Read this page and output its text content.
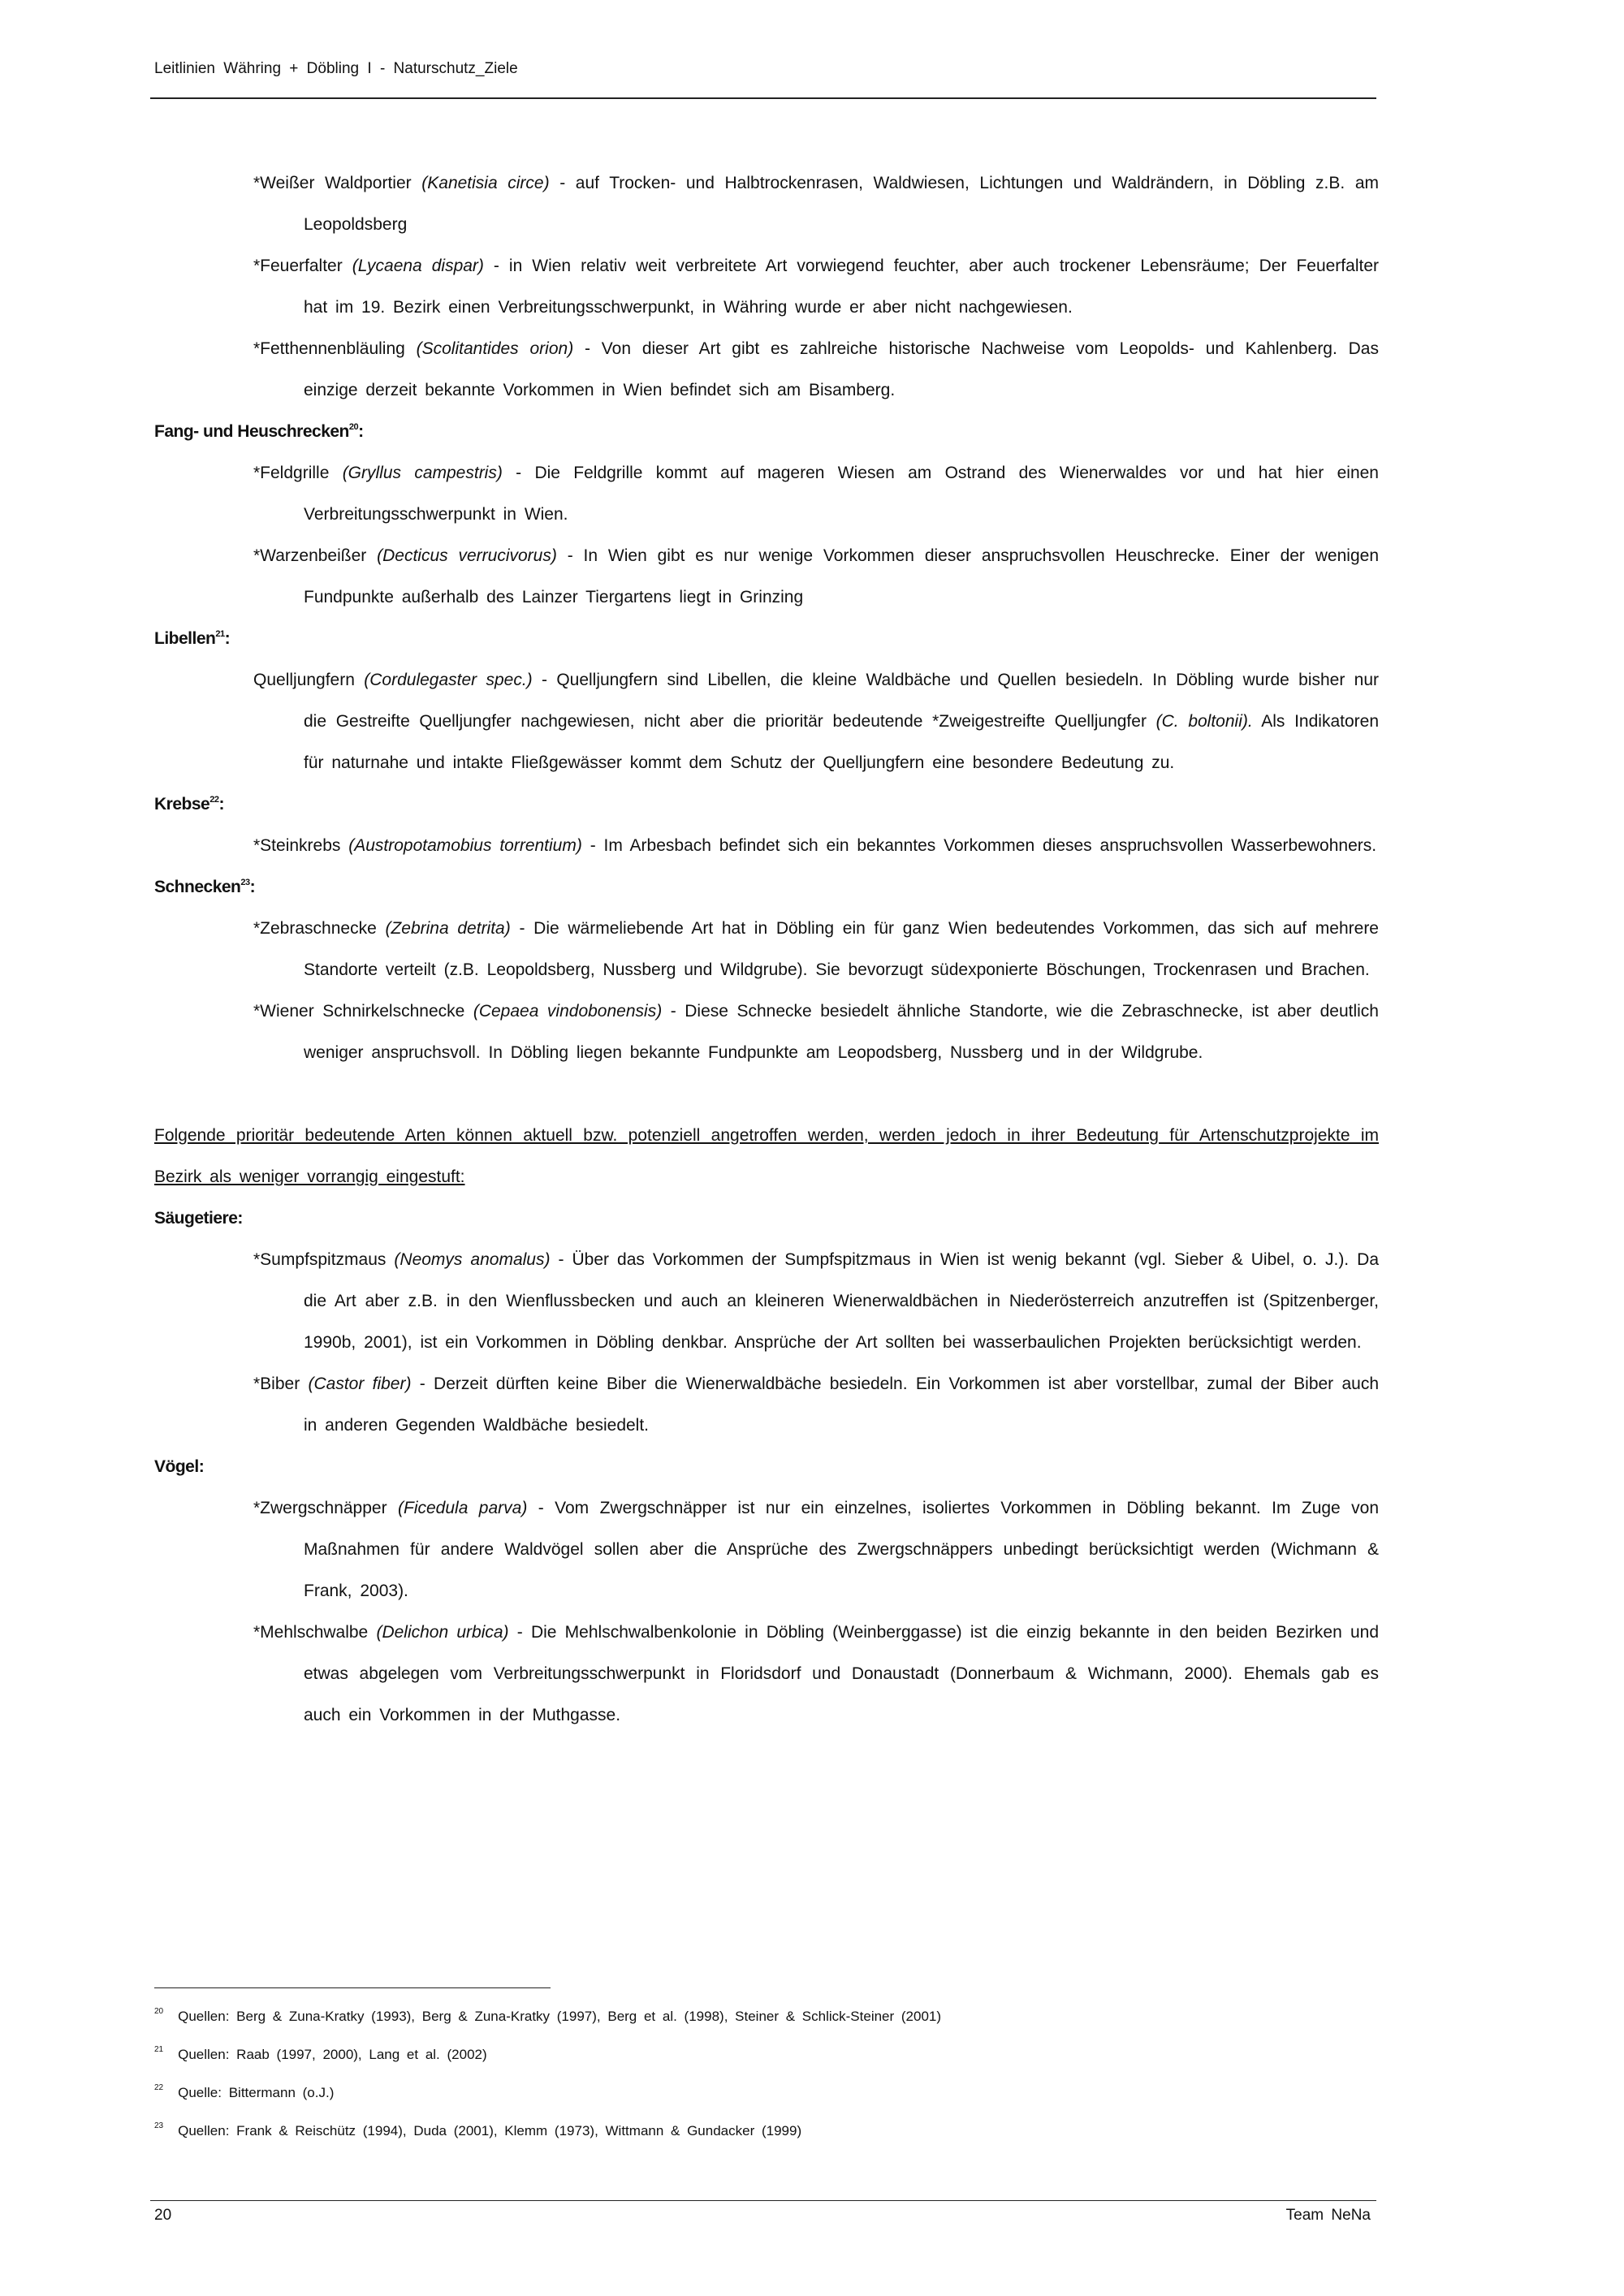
Leitlinien Währing + Döbling I - Naturschutz_Ziele
*Weißer Waldportier (Kanetisia circe) - auf Trocken- und Halbtrockenrasen, Waldwiesen, Lichtungen und Waldrändern, in Döbling z.B. am Leopoldsberg
*Feuerfalter (Lycaena dispar) - in Wien relativ weit verbreitete Art vorwiegend feuchter, aber auch trockener Lebensräume; Der Feuerfalter hat im 19. Bezirk einen Verbreitungsschwerpunkt, in Währing wurde er aber nicht nachgewiesen.
*Fetthennenbläuling (Scolitantides orion) - Von dieser Art gibt es zahlreiche historische Nachweise vom Leopolds- und Kahlenberg. Das einzige derzeit bekannte Vorkommen in Wien befindet sich am Bisamberg.
Fang- und Heuschrecken$^{20}$:
*Feldgrille (Gryllus campestris) - Die Feldgrille kommt auf mageren Wiesen am Ostrand des Wienerwaldes vor und hat hier einen Verbreitungsschwerpunkt in Wien.
*Warzenbeißer (Decticus verrucivorus) - In Wien gibt es nur wenige Vorkommen dieser anspruchsvollen Heuschrecke. Einer der wenigen Fundpunkte außerhalb des Lainzer Tiergartens liegt in Grinzing
Libellen$^{21}$:
Quelljungfern (Cordulegaster spec.) - Quelljungfern sind Libellen, die kleine Waldbäche und Quellen besiedeln. In Döbling wurde bisher nur die Gestreifte Quelljungfer nachgewiesen, nicht aber die prioritär bedeutende *Zweigestreifte Quelljungfer (C. boltonii). Als Indikatoren für naturnahe und intakte Fließgewässer kommt dem Schutz der Quelljungfern eine besondere Bedeutung zu.
Krebse$^{22}$:
*Steinkrebs (Austropotamobius torrentium) - Im Arbesbach befindet sich ein bekanntes Vorkommen dieses anspruchsvollen Wasserbewohners.
Schnecken$^{23}$:
*Zebraschnecke (Zebrina detrita) - Die wärmeliebende Art hat in Döbling ein für ganz Wien bedeutendes Vorkommen, das sich auf mehrere Standorte verteilt (z.B. Leopoldsberg, Nussberg und Wildgrube). Sie bevorzugt südexponierte Böschungen, Trockenrasen und Brachen.
*Wiener Schnirkelschnecke (Cepaea vindobonensis) - Diese Schnecke besiedelt ähnliche Standorte, wie die Zebraschnecke, ist aber deutlich weniger anspruchsvoll. In Döbling liegen bekannte Fundpunkte am Leopodsberg, Nussberg und in der Wildgrube.
Folgende prioritär bedeutende Arten können aktuell bzw. potenziell angetroffen werden, werden jedoch in ihrer Bedeutung für Artenschutzprojekte im Bezirk als weniger vorrangig eingestuft:
Säugetiere:
*Sumpfspitzmaus (Neomys anomalus) - Über das Vorkommen der Sumpfspitzmaus in Wien ist wenig bekannt (vgl. Sieber & Uibel, o. J.). Da die Art aber z.B. in den Wienflussbecken und auch an kleineren Wienerwaldbächen in Niederösterreich anzutreffen ist (Spitzenberger, 1990b, 2001), ist ein Vorkommen in Döbling denkbar. Ansprüche der Art sollten bei wasserbaulichen Projekten berücksichtigt werden.
*Biber (Castor fiber) - Derzeit dürften keine Biber die Wienerwaldbäche besiedeln. Ein Vorkommen ist aber vorstellbar, zumal der Biber auch in anderen Gegenden Waldbäche besiedelt.
Vögel:
*Zwergschnäpper (Ficedula parva) - Vom Zwergschnäpper ist nur ein einzelnes, isoliertes Vorkommen in Döbling bekannt. Im Zuge von Maßnahmen für andere Waldvögel sollen aber die Ansprüche des Zwergschnäppers unbedingt berücksichtigt werden (Wichmann & Frank, 2003).
*Mehlschwalbe (Delichon urbica) - Die Mehlschwalbenkolonie in Döbling (Weinberggasse) ist die einzig bekannte in den beiden Bezirken und etwas abgelegen vom Verbreitungsschwerpunkt in Floridsdorf und Donaustadt (Donnerbaum & Wichmann, 2000). Ehemals gab es auch ein Vorkommen in der Muthgasse.
$^{20}$ Quellen: Berg & Zuna-Kratky (1993), Berg & Zuna-Kratky (1997), Berg et al. (1998), Steiner & Schlick-Steiner (2001)
$^{21}$ Quellen: Raab (1997, 2000), Lang et al. (2002)
$^{22}$ Quelle: Bittermann (o.J.)
$^{23}$ Quellen: Frank & Reischütz (1994), Duda (2001), Klemm (1973), Wittmann & Gundacker (1999)
20	Team NeNa
